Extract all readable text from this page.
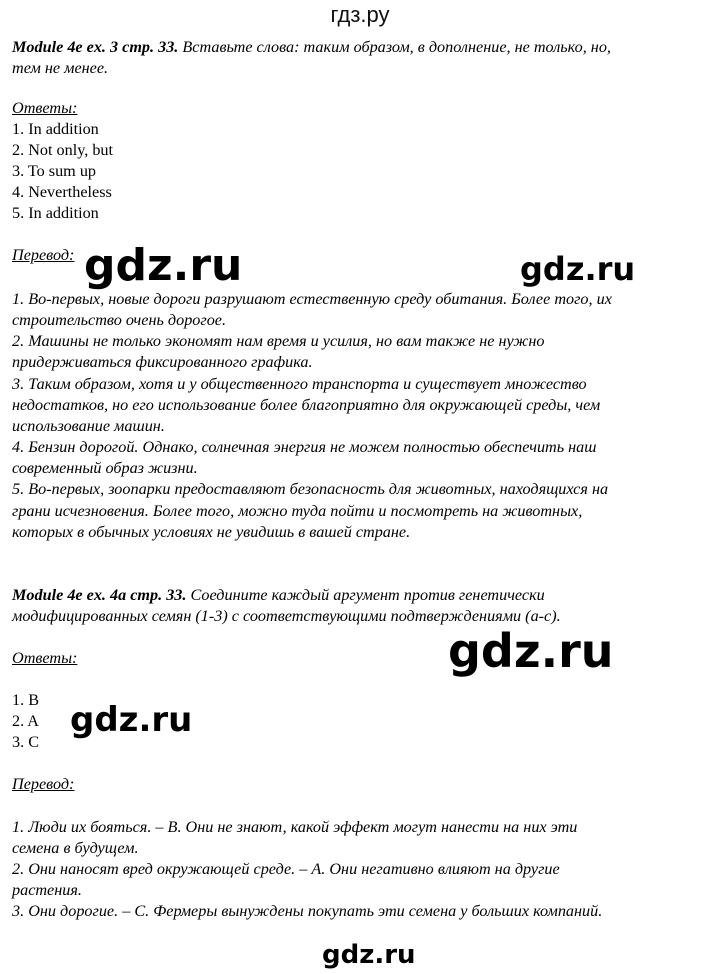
гдз.ру
Module 4e ex. 3 стр. 33. Вставьте слова: таким образом, в дополнение, не только, но,
тем не менее.
Ответы:
1. In addition
2. Not only, but
3. To sum up
4. Nevertheless
5. In addition
Перевод:
1. Во-первых, новые дороги разрушают естественную среду обитания. Более того, их
строительство очень дорогое.
2. Машины не только экономят нам время и усилия, но вам также не нужно
придерживаться фиксированного графика.
3. Таким образом, хотя и у общественного транспорта и существует множество
недостатков, но его использование более благоприятно для окружающей среды, чем
использование машин.
4. Бензин дорогой. Однако, солнечная энергия не можем полностью обеспечить наш
современный образ жизни.
5. Во-первых, зоопарки предоставляют безопасность для животных, находящихся на
грани исчезновения. Более того, можно туда пойти и посмотреть на животных,
которых в обычных условиях не увидишь в вашей стране.
Module 4e ex. 4a стр. 33. Соедините каждый аргумент против генетически
модифицированных семян (1-3) с соответствующими подтверждениями (a-c).
Ответы:
1. B
2. A
3. C
Перевод:
1. Люди их бояться. – B. Они не знают, какой эффект могут нанести на них эти
семена в будущем.
2. Они наносят вред окружающей среде. – A. Они негативно влияют на другие
растения.
3. Они дорогие. – C. Фермеры вынуждены покупать эти семена у больших компаний.
gdz.ru	gdz.ru
gdz.ru
gdz.ru
gdz.ru
